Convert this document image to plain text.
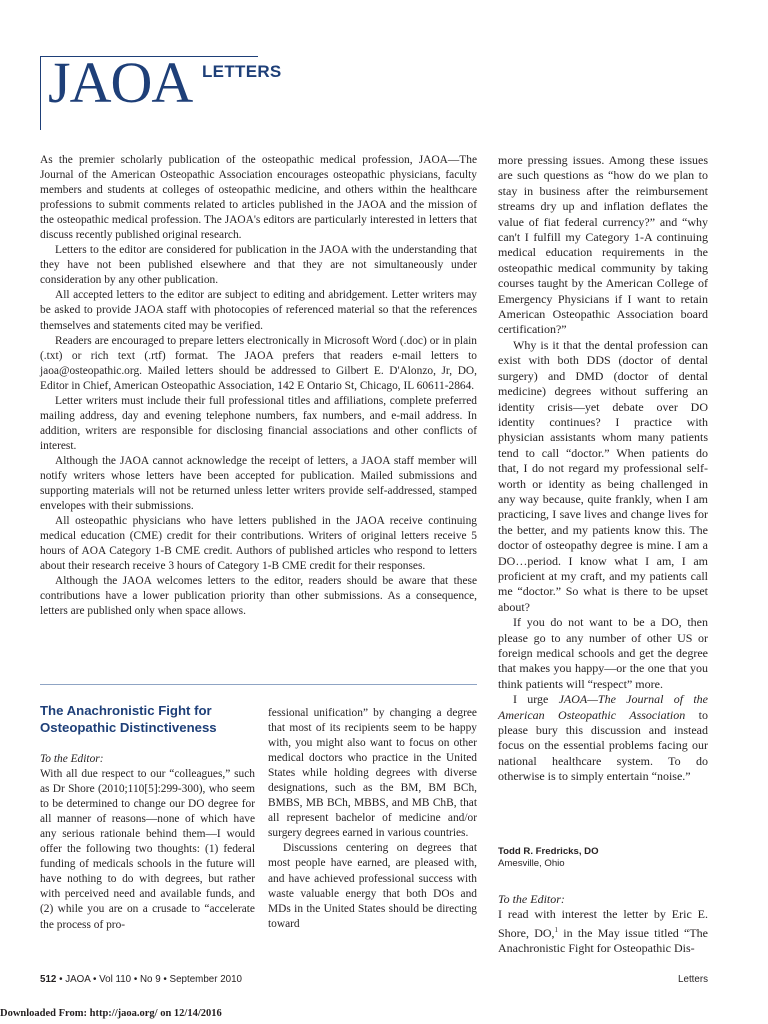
JAOA LETTERS

As the premier scholarly publication of the osteopathic medical profession, JAOA—The Journal of the American Osteopathic Association encourages osteopathic physicians, faculty members and students at colleges of osteopathic medicine, and others within the healthcare professions to submit comments related to articles published in the JAOA and the mission of the osteopathic medical profession. The JAOA's editors are particularly interested in letters that discuss recently published original research.

Letters to the editor are considered for publication in the JAOA with the understanding that they have not been published elsewhere and that they are not simultaneously under consideration by any other publication.

All accepted letters to the editor are subject to editing and abridgement. Letter writers may be asked to provide JAOA staff with photocopies of referenced material so that the references themselves and statements cited may be verified.

Readers are encouraged to prepare letters electronically in Microsoft Word (.doc) or in plain (.txt) or rich text (.rtf) format. The JAOA prefers that readers e-mail letters to jaoa@osteopathic.org. Mailed letters should be addressed to Gilbert E. D'Alonzo, Jr, DO, Editor in Chief, American Osteopathic Association, 142 E Ontario St, Chicago, IL 60611-2864.

Letter writers must include their full professional titles and affiliations, complete preferred mailing address, day and evening telephone numbers, fax numbers, and e-mail address. In addition, writers are responsible for disclosing financial associations and other conflicts of interest.

Although the JAOA cannot acknowledge the receipt of letters, a JAOA staff member will notify writers whose letters have been accepted for publication. Mailed submissions and supporting materials will not be returned unless letter writers provide self-addressed, stamped envelopes with their submissions.

All osteopathic physicians who have letters published in the JAOA receive continuing medical education (CME) credit for their contributions. Writers of original letters receive 5 hours of AOA Category 1-B CME credit. Authors of published articles who respond to letters about their research receive 3 hours of Category 1-B CME credit for their responses.

Although the JAOA welcomes letters to the editor, readers should be aware that these contributions have a lower publication priority than other submissions. As a consequence, letters are published only when space allows.

The Anachronistic Fight for Osteopathic Distinctiveness

To the Editor:

With all due respect to our “colleagues,” such as Dr Shore (2010;110[5]:299-300), who seem to be determined to change our DO degree for all manner of reasons—none of which have any serious rationale behind them—I would offer the following two thoughts: (1) federal funding of medicals schools in the future will have nothing to do with degrees, but rather with perceived need and available funds, and (2) while you are on a crusade to “accelerate the process of pro-

fessional unification” by changing a degree that most of its recipients seem to be happy with, you might also want to focus on other medical doctors who practice in the United States while holding degrees with diverse designations, such as the BM, BM BCh, BMBS, MB BCh, MBBS, and MB ChB, that all represent bachelor of medicine and/or surgery degrees earned in various countries.

Discussions centering on degrees that most people have earned, are pleased with, and have achieved professional success with waste valuable energy that both DOs and MDs in the United States should be directing toward

more pressing issues. Among these issues are such questions as “how do we plan to stay in business after the reimbursement streams dry up and inflation deflates the value of fiat federal currency?” and “why can't I fulfill my Category 1-A continuing medical education requirements in the osteopathic medical community by taking courses taught by the American College of Emergency Physicians if I want to retain American Osteopathic Association board certification?”

Why is it that the dental profession can exist with both DDS (doctor of dental surgery) and DMD (doctor of dental medicine) degrees without suffering an identity crisis—yet debate over DO identity continues? I practice with physician assistants whom many patients tend to call “doctor.” When patients do that, I do not regard my professional self-worth or identity as being challenged in any way because, quite frankly, when I am practicing, I save lives and change lives for the better, and my patients know this. The doctor of osteopathy degree is mine. I am a DO…period. I know what I am, I am proficient at my craft, and my patients call me “doctor.” So what is there to be upset about?

If you do not want to be a DO, then please go to any number of other US or foreign medical schools and get the degree that makes you happy—or the one that you think patients will “respect” more.

I urge JAOA—The Journal of the American Osteopathic Association to please bury this discussion and instead focus on the essential problems facing our national healthcare system. To do otherwise is to simply entertain “noise.”

Todd R. Fredricks, DO
Amesville, Ohio

To the Editor:

I read with interest the letter by Eric E. Shore, DO,$^1$ in the May issue titled “The Anachronistic Fight for Osteopathic Dis-

512 • JAOA • Vol 110 • No 9 • September 2010	Letters
Downloaded From: http://jaoa.org/ on 12/14/2016
